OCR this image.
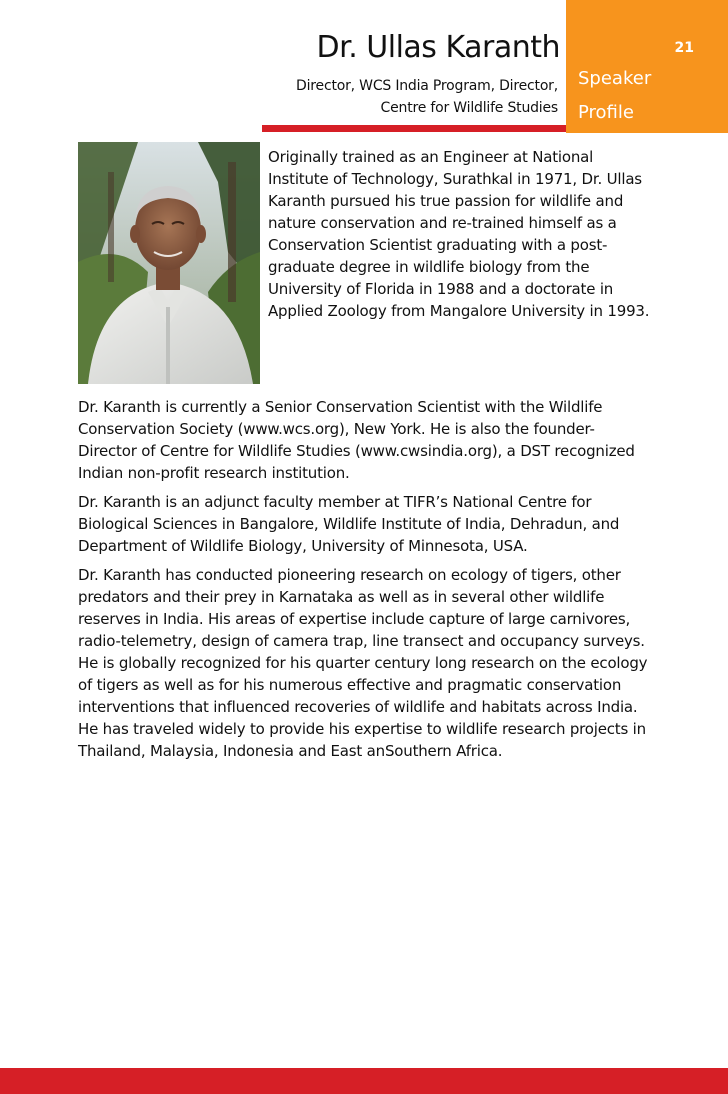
21
Speaker
Profile
Dr. Ullas Karanth
Director, WCS India Program, Director,
Centre for Wildlife Studies

Originally trained as an Engineer at National Institute of Technology, Surathkal in 1971, Dr. Ullas Karanth pursued his true passion for wildlife and nature conservation and re-trained himself as a Conservation Scientist graduating with a post-graduate degree in wildlife biology from the University of Florida in 1988 and a doctorate in Applied Zoology from Mangalore University in 1993.

Dr. Karanth is currently a Senior Conservation Scientist with the Wildlife Conservation Society (www.wcs.org), New York. He is also the founder-Director of Centre for Wildlife Studies (www.cwsindia.org), a DST recognized Indian non-profit research institution.

Dr. Karanth is an adjunct faculty member at TIFR’s National Centre for Biological Sciences in Bangalore, Wildlife Institute of India, Dehradun, and Department of Wildlife Biology, University of Minnesota, USA.

Dr. Karanth has conducted pioneering research on ecology of tigers, other predators and their prey in Karnataka as well as in several other wildlife reserves in India. His areas of expertise include capture of large carnivores, radio-telemetry, design of camera trap, line transect and occupancy surveys. He is globally recognized for his quarter century long research on the ecology of tigers as well as for his numerous effective and pragmatic conservation interventions that influenced recoveries of wildlife and habitats across India. He has traveled widely to provide his expertise to wildlife research projects in Thailand, Malaysia, Indonesia and East anSouthern Africa.
